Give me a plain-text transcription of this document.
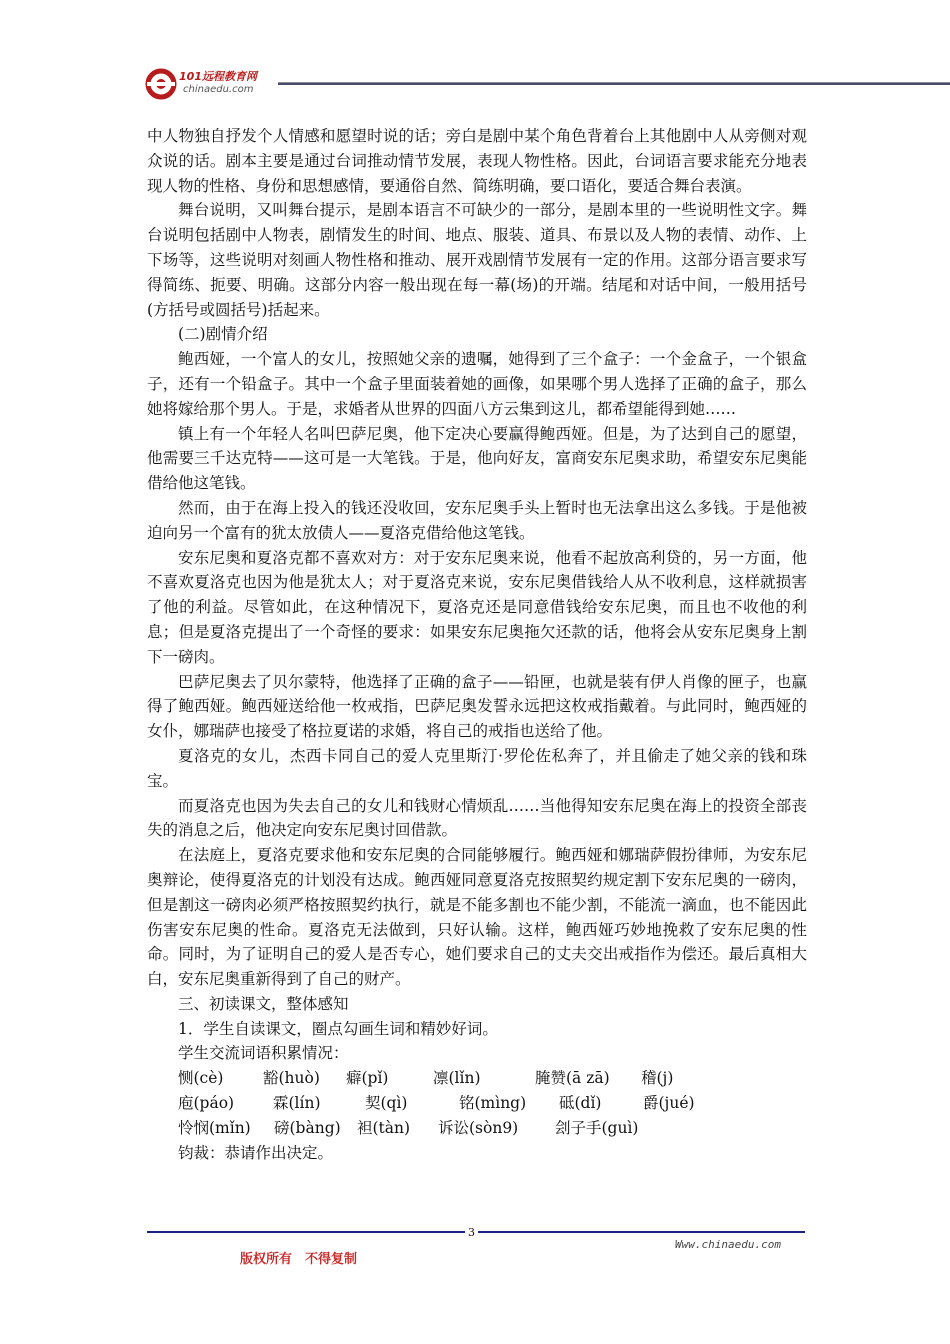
101远程教育网
chinaedu.com

中人物独自抒发个人情感和愿望时说的话；旁白是剧中某个角色背着台上其他剧中人从旁侧对观众说的话。剧本主要是通过台词推动情节发展，表现人物性格。因此，台词语言要求能充分地表现人物的性格、身份和思想感情，要通俗自然、简练明确，要口语化，要适合舞台表演。

舞台说明，又叫舞台提示，是剧本语言不可缺少的一部分，是剧本里的一些说明性文字。舞台说明包括剧中人物表，剧情发生的时间、地点、服装、道具、布景以及人物的表情、动作、上下场等，这些说明对刻画人物性格和推动、展开戏剧情节发展有一定的作用。这部分语言要求写得简练、扼要、明确。这部分内容一般出现在每一幕(场)的开端。结尾和对话中间，一般用括号(方括号或圆括号)括起来。

(二)剧情介绍

鲍西娅，一个富人的女儿，按照她父亲的遗嘱，她得到了三个盒子：一个金盒子，一个银盒子，还有一个铅盒子。其中一个盒子里面装着她的画像，如果哪个男人选择了正确的盒子，那么她将嫁给那个男人。于是，求婚者从世界的四面八方云集到这儿，都希望能得到她……

镇上有一个年轻人名叫巴萨尼奥，他下定决心要赢得鲍西娅。但是，为了达到自己的愿望，他需要三千达克特——这可是一大笔钱。于是，他向好友，富商安东尼奥求助，希望安东尼奥能借给他这笔钱。

然而，由于在海上投入的钱还没收回，安东尼奥手头上暂时也无法拿出这么多钱。于是他被迫向另一个富有的犹太放债人——夏洛克借给他这笔钱。

安东尼奥和夏洛克都不喜欢对方：对于安东尼奥来说，他看不起放高利贷的，另一方面，他不喜欢夏洛克也因为他是犹太人；对于夏洛克来说，安东尼奥借钱给人从不收利息，这样就损害了他的利益。尽管如此，在这种情况下，夏洛克还是同意借钱给安东尼奥，而且也不收他的利息；但是夏洛克提出了一个奇怪的要求：如果安东尼奥拖欠还款的话，他将会从安东尼奥身上割下一磅肉。

巴萨尼奥去了贝尔蒙特，他选择了正确的盒子——铅匣，也就是装有伊人肖像的匣子，也赢得了鲍西娅。鲍西娅送给他一枚戒指，巴萨尼奥发誓永远把这枚戒指戴着。与此同时，鲍西娅的女仆，娜瑞萨也接受了格拉夏诺的求婚，将自己的戒指也送给了他。

夏洛克的女儿，杰西卡同自己的爱人克里斯汀·罗伦佐私奔了，并且偷走了她父亲的钱和珠宝。

而夏洛克也因为失去自己的女儿和钱财心情烦乱……当他得知安东尼奥在海上的投资全部丧失的消息之后，他决定向安东尼奥讨回借款。

在法庭上，夏洛克要求他和安东尼奥的合同能够履行。鲍西娅和娜瑞萨假扮律师，为安东尼奥辩论，使得夏洛克的计划没有达成。鲍西娅同意夏洛克按照契约规定割下安东尼奥的一磅肉，但是割这一磅肉必须严格按照契约执行，就是不能多割也不能少割，不能流一滴血，也不能因此伤害安东尼奥的性命。夏洛克无法做到，只好认输。这样，鲍西娅巧妙地挽救了安东尼奥的性命。同时，为了证明自己的爱人是否专心，她们要求自己的丈夫交出戒指作为偿还。最后真相大白，安东尼奥重新得到了自己的财产。

三、初读课文，整体感知

1．学生自读课文，圈点勾画生词和精妙好词。

学生交流词语积累情况：

恻(cè)	豁(huò)	癖(pǐ)	凛(lǐn)	腌赞(ā zā)	稽(j)
庖(páo)	霖(lín)	契(qì)	铭(mìng)	砥(dǐ)	爵(jué)
怜悯(mǐn)	磅(bàng)	袒(tàn)	诉讼(sòn9)	刽子手(guì)

钧裁：恭请作出决定。

3
Www.chinaedu.com
版权所有　不得复制
